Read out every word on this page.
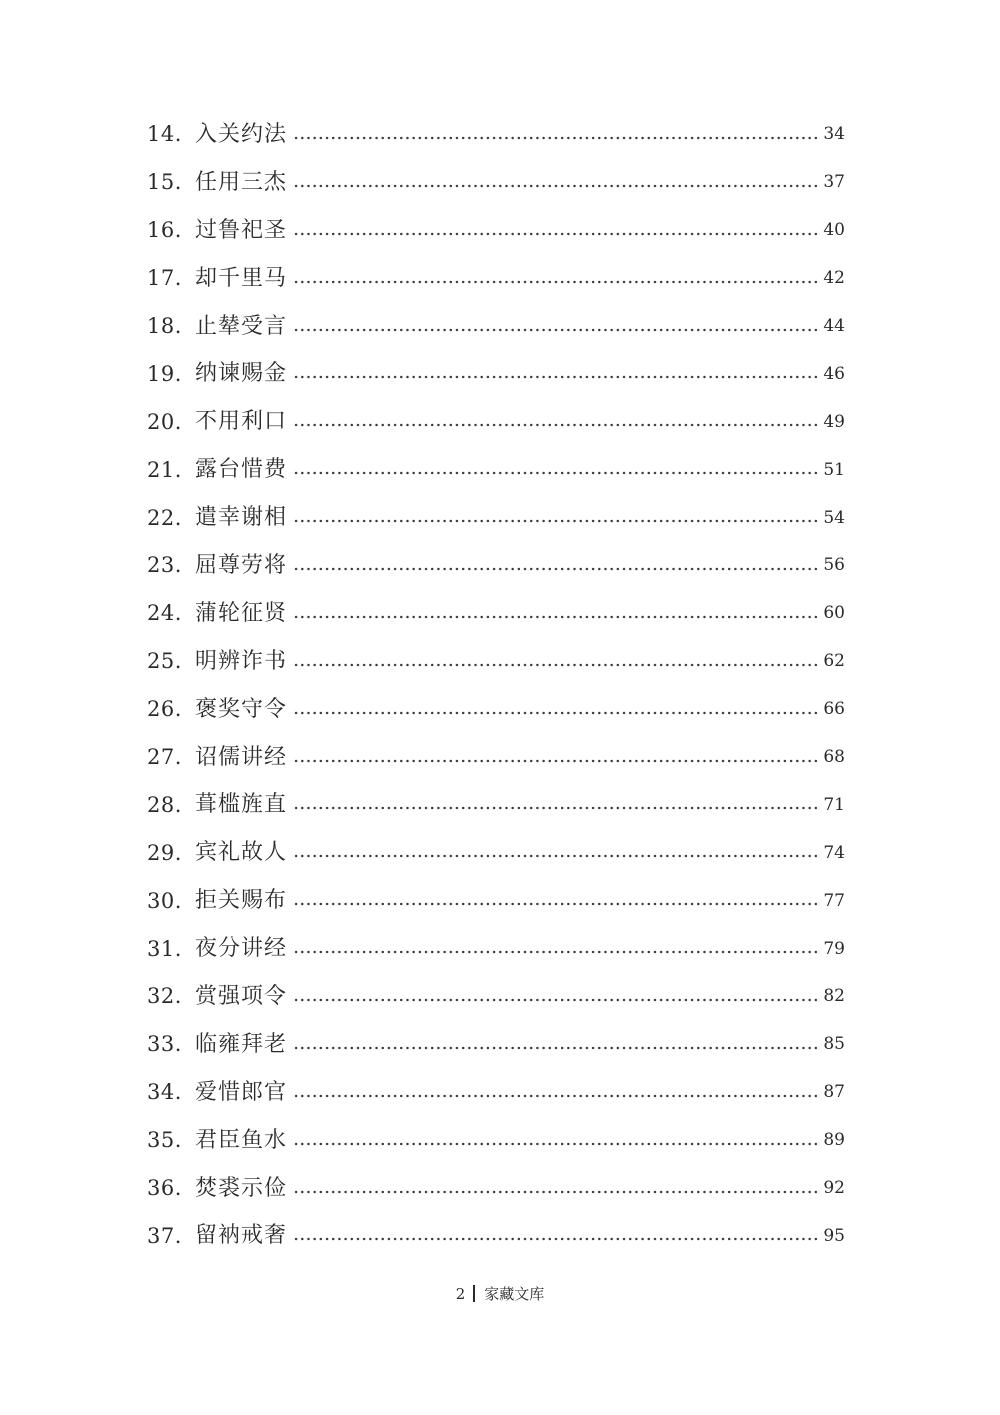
14. 入关约法	34
15. 任用三杰	37
16. 过鲁祀圣	40
17. 却千里马	42
18. 止辇受言	44
19. 纳谏赐金	46
20. 不用利口	49
21. 露台惜费	51
22. 遣幸谢相	54
23. 屈尊劳将	56
24. 蒲轮征贤	60
25. 明辨诈书	62
26. 褒奖守令	66
27. 诏儒讲经	68
28. 葺槛旌直	71
29. 宾礼故人	74
30. 拒关赐布	77
31. 夜分讲经	79
32. 赏强项令	82
33. 临雍拜老	85
34. 爱惜郎官	87
35. 君臣鱼水	89
36. 焚裘示俭	92
37. 留衲戒奢	95
2 家藏文库
